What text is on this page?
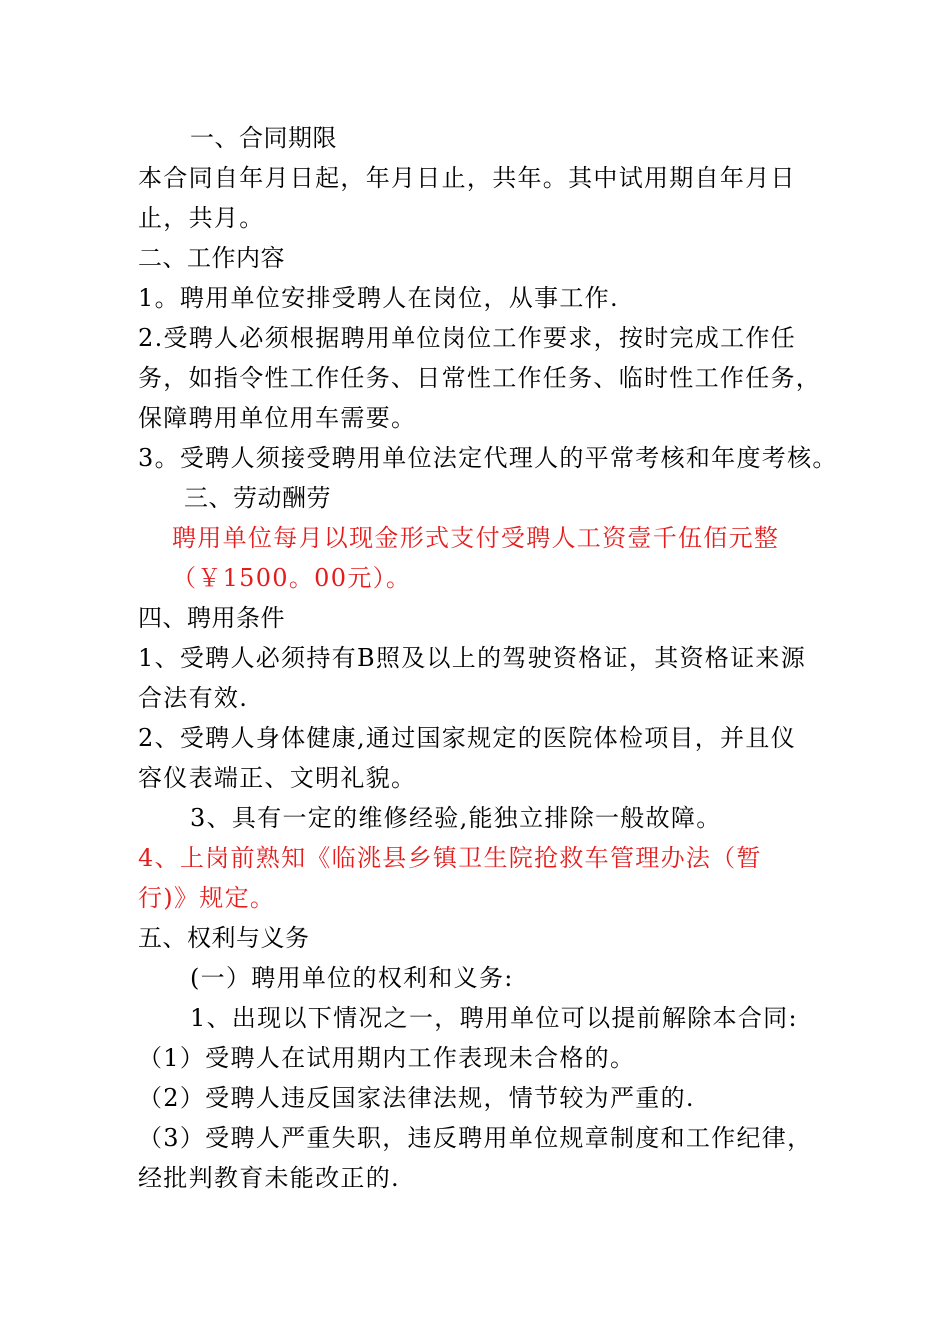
一、合同期限
本合同自年月日起，年月日止，共年。其中试用期自年月日
止，共月。
二、工作内容
1。聘用单位安排受聘人在岗位，从事工作.
2.受聘人必须根据聘用单位岗位工作要求，按时完成工作任
务，如指令性工作任务、日常性工作任务、临时性工作任务，
保障聘用单位用车需要。
3。受聘人须接受聘用单位法定代理人的平常考核和年度考核。
三、劳动酬劳
聘用单位每月以现金形式支付受聘人工资壹千伍佰元整
（￥1500。00元）。
四、聘用条件
1、受聘人必须持有B照及以上的驾驶资格证，其资格证来源
合法有效.
2、受聘人身体健康,通过国家规定的医院体检项目，并且仪
容仪表端正、文明礼貌。
3、具有一定的维修经验,能独立排除一般故障。
4、上岗前熟知《临洮县乡镇卫生院抢救车管理办法（暂
行)》规定。
五、权利与义务
(一）聘用单位的权利和义务:
1、出现以下情况之一，聘用单位可以提前解除本合同:
（1）受聘人在试用期内工作表现未合格的。
（2）受聘人违反国家法律法规，情节较为严重的.
（3）受聘人严重失职，违反聘用单位规章制度和工作纪律，
经批判教育未能改正的.
